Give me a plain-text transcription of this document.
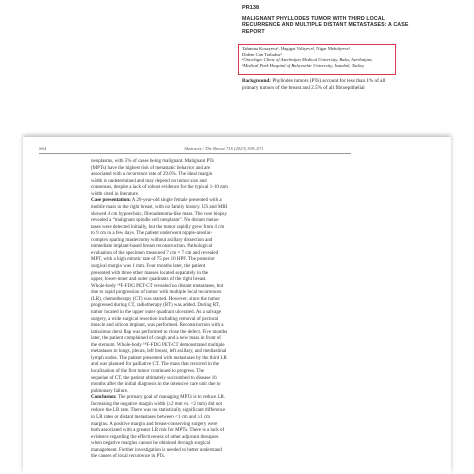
PR138
MALIGNANT PHYLLODES TUMOR WITH THIRD LOCAL
RECURRENCE AND MULTIPLE DISTANT METASTASES: A CASE
REPORT
Tahmina Kosayeva¹, Hagigat Valiyeva¹, Nigar Mehdiyeva¹,
Didem Can Trabulus²
¹Oncologic Clinic of Azerbaijan Medical University, Baku, Azerbaijan;
²Medical Park Hospital of Bahcesehir University, Istanbul, Turkey
Background: Phyllodes tumors (PTs) account for less than 1% of all
primary tumors of the breast and 2.5% of all fibroepithelial
S64	Abstracts / The Breast 71S (2023) S39–S71
neoplasms, with 5% of cases being malignant. Malignant PTs
(MPTs) have the highest risk of metastatic behavior and are
associated with a recurrence rate of 29.6%. The ideal margin
width is undetermined and may depend on tumor size and
consensus, despite a lack of robust evidence for the typical 1-10 mm
width cited in literature.
Case presentation: A 20-year-old single female presented with a
mobile mass in the right breast, with no family history. US and MRI
showed 4 cm hypoechoic, fibroadenoma-like mass. The core biopsy
revealed a “malignant spindle cell neoplasm”. No distant metas-
tases were detected initially, but the tumor rapidly grew from 4 cm
to 9 cm in a few days. The patient underwent nipple-areolar-
complex sparing mastectomy without axillary dissection and
immediate implant-based breast reconstruction. Pathological
evaluation of the specimen measured 7 cm × 7 cm and revealed
MPT, with a high mitotic rate of 75 per 10 HPF. The posterior
surgical margin was 1 mm. Four months later, the patient
presented with three other masses located separately in the
upper, lower-inner and outer quadrants of the right breast.
Whole-body ¹⁸F-FDG PET-CT revealed no distant metastases, but
due to rapid progression of tumor with multiple local recurrences
(LR), chemotherapy (CT) was started. However, since the tumor
progressed during CT, radiotherapy (RT) was added. During RT,
tumor located in the upper outer quadrant ulcerated. As a salvage
surgery, a wide surgical resection including removal of pectoral
muscle and silicon implant, was performed. Reconstruction with a
latissimus dorsi flap was performed to close the defect. Five months
later, the patient complained of cough and a new mass in front of
the sternum. Whole-body ¹⁸F-FDG PET-CT demonstrated multiple
metastases to lungs, pleura, left breast, left axillary, and mediastinal
lymph nodes. The patient presented with metastases by the third LR
and was planned for palliative CT. The mass that recurred in the
localization of the first tumor continued to progress. The
sequelae of CT, the patient ultimately succumbed to disease 16
months after the initial diagnosis in the intensive care unit due to
pulmonary failure.
Conclusion: The primary goal of managing MPTs is to reduce LR.
Increasing the negative margin width (≥2 mm vs. <2 mm) did not
reduce the LR rate. There was no statistically significant difference
in LR rates or distant metastases between <1 cm and ≥1 cm
margins. A positive margin and breast-conserving surgery were
both associated with a greater LR risk for MPTs. There is a lack of
evidence regarding the effectiveness of other adjuvant therapies
when negative margins cannot be obtained through surgical
management. Further investigation is needed to better understand
the causes of local recurrence in PTs.
